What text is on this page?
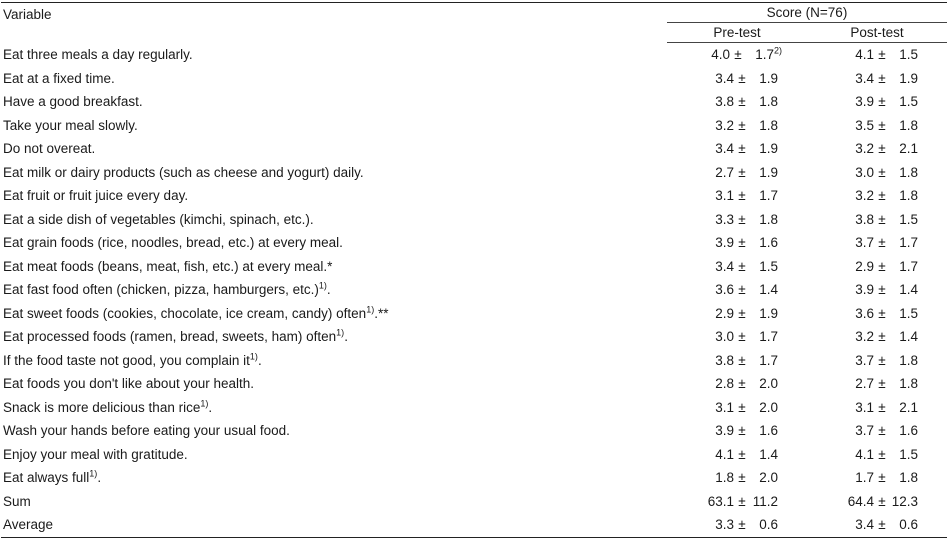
Variable	Score (N=76)	
	Pre-test	Post-test
Eat three meals a day regularly.	4.0 ± 1.7$^{2)}$	4.1 ± 1.5
Eat at a fixed time.	3.4 ± 1.9	3.4 ± 1.9
Have a good breakfast.	3.8 ± 1.8	3.9 ± 1.5
Take your meal slowly.	3.2 ± 1.8	3.5 ± 1.8
Do not overeat.	3.4 ± 1.9	3.2 ± 2.1
Eat milk or dairy products (such as cheese and yogurt) daily.	2.7 ± 1.9	3.0 ± 1.8
Eat fruit or fruit juice every day.	3.1 ± 1.7	3.2 ± 1.8
Eat a side dish of vegetables (kimchi, spinach, etc.).	3.3 ± 1.8	3.8 ± 1.5
Eat grain foods (rice, noodles, bread, etc.) at every meal.	3.9 ± 1.6	3.7 ± 1.7
Eat meat foods (beans, meat, fish, etc.) at every meal.*	3.4 ± 1.5	2.9 ± 1.7
Eat fast food often (chicken, pizza, hamburgers, etc.)$^{1)}$.	3.6 ± 1.4	3.9 ± 1.4
Eat sweet foods (cookies, chocolate, ice cream, candy) often$^{1)}$.**	2.9 ± 1.9	3.6 ± 1.5
Eat processed foods (ramen, bread, sweets, ham) often$^{1)}$.	3.0 ± 1.7	3.2 ± 1.4
If the food taste not good, you complain it$^{1)}$.	3.8 ± 1.7	3.7 ± 1.8
Eat foods you don't like about your health.	2.8 ± 2.0	2.7 ± 1.8
Snack is more delicious than rice$^{1)}$.	3.1 ± 2.0	3.1 ± 2.1
Wash your hands before eating your usual food.	3.9 ± 1.6	3.7 ± 1.6
Enjoy your meal with gratitude.	4.1 ± 1.4	4.1 ± 1.5
Eat always full$^{1)}$.	1.8 ± 2.0	1.7 ± 1.8
Sum	63.1 ± 11.2	64.4 ± 12.3
Average	3.3 ± 0.6	3.4 ± 0.6
